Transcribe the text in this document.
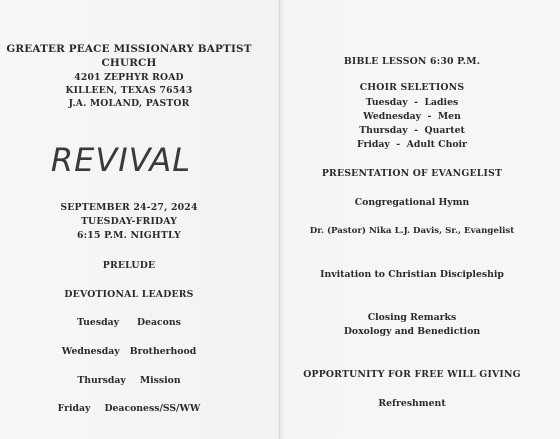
GREATER PEACE MISSIONARY BAPTIST
CHURCH
4201 ZEPHYR ROAD
KILLEEN, TEXAS 76543
J.A. MOLAND, PASTOR
REVIVAL
SEPTEMBER 24-27, 2024
TUESDAY-FRIDAY
6:15 P.M. NIGHTLY
PRELUDE
DEVOTIONAL LEADERS
Tuesday Deacons
Wednesday Brotherhood
Thursday Mission
Friday Deaconess/SS/WW
BIBLE LESSON 6:30 P.M.
CHOIR SELETIONS
Tuesday  -  Ladies
Wednesday  -  Men
Thursday  -  Quartet
Friday  -  Adult Choir
PRESENTATION OF EVANGELIST
Congregational Hymn
Dr. (Pastor) Nika L.J. Davis, Sr., Evangelist
Invitation to Christian Discipleship
Closing Remarks
Doxology and Benediction
OPPORTUNITY FOR FREE WILL GIVING
Refreshment
